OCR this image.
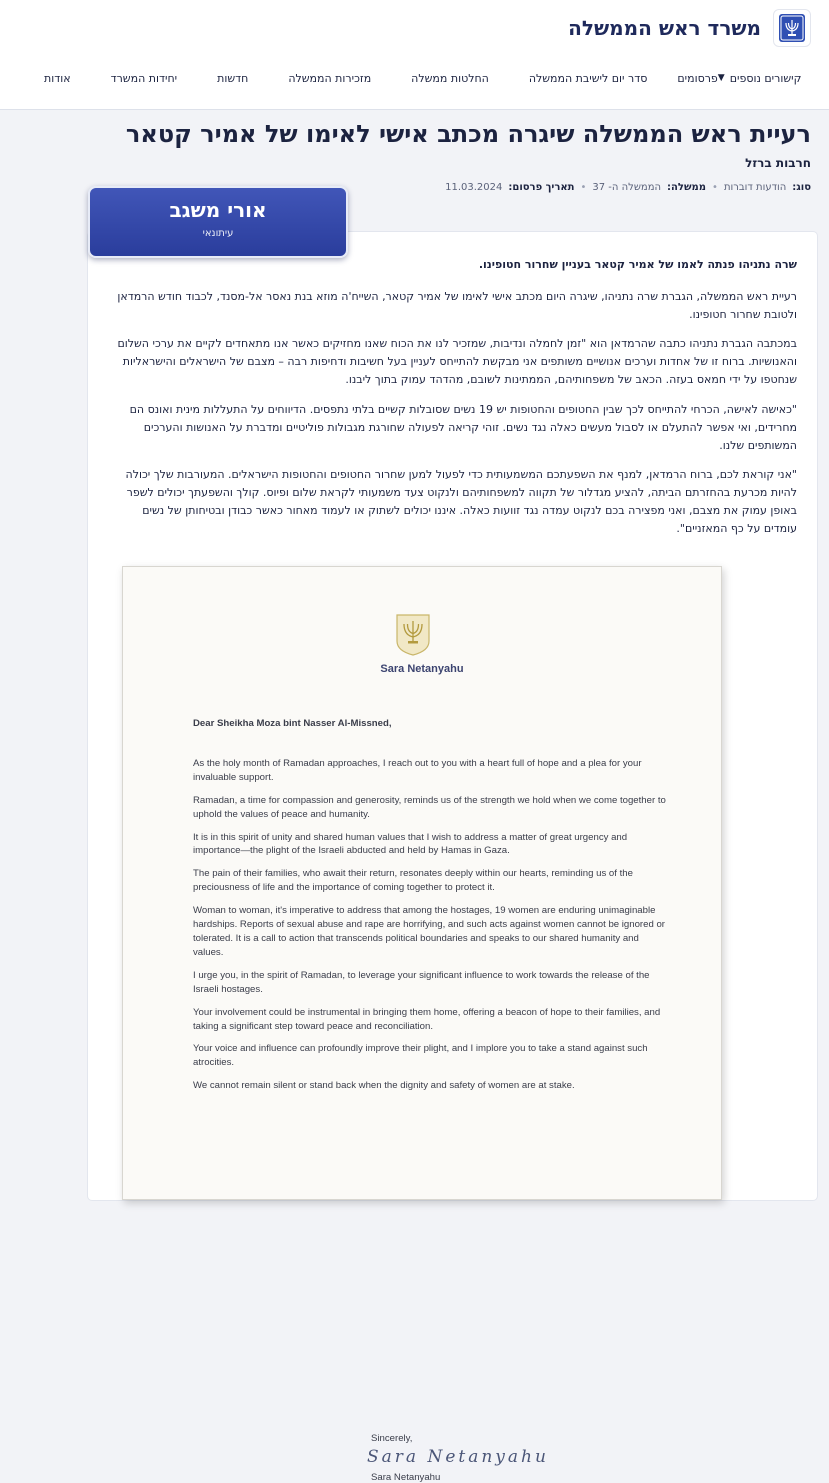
משרד ראש הממשלה
אודות	יחידות המשרד	חדשות	מזכירות הממשלה	החלטות ממשלה	סדר יום לישיבת הממשלה	פרסומים קישורים נוספים
▼
רעיית ראש הממשלה שיגרה מכתב אישי לאימו של אמיר קטאר
חרבות ברזל
סוג:
הודעות דוברות
•
ממשלה:
הממשלה ה- 37
•
תאריך פרסום:
11.03.2024

שרה נתניהו פנתה לאמו של אמיר קטאר בעניין שחרור חטופינו.

רעיית ראש הממשלה, הגברת שרה נתניהו, שיגרה היום מכתב אישי לאימו של אמיר קטאר, השייח'ה מוזא בנת נאסר אל-מסנד, לכבוד חודש הרמדאן ולטובת שחרור חטופינו.

במכתבה הגברת נתניהו כתבה שהרמדאן הוא "זמן לחמלה ונדיבות, שמזכיר לנו את הכוח שאנו מחזיקים כאשר אנו מתאחדים לקיים את ערכי השלום והאנושיות. ברוח זו של אחדות וערכים אנושיים משותפים אני מבקשת להתייחס לעניין בעל חשיבות ודחיפות רבה – מצבם של הישראלים והישראליות שנחטפו על ידי חמאס בעזה. הכאב של משפחותיהם, הממתינות לשובם, מהדהד עמוק בתוך ליבנו.

"כאישה לאישה, הכרחי להתייחס לכך שבין החטופים והחטופות יש 19 נשים שסובלות קשיים בלתי נתפסים. הדיווחים על התעללות מינית ואונס הם מחרידים, ואי אפשר להתעלם או לסבול מעשים כאלה נגד נשים. זוהי קריאה לפעולה שחורגת מגבולות פוליטיים ומדברת על האנושות והערכים המשותפים שלנו.

"אני קוראת לכם, ברוח הרמדאן, למנף את השפעתכם המשמעותית כדי לפעול למען שחרור החטופים והחטופות הישראלים. המעורבות שלך יכולה להיות מכרעת בהחזרתם הביתה, להציע מגדלור של תקווה למשפחותיהם ולנקוט צעד משמעותי לקראת שלום ופיוס. קולך והשפעתך יכולים לשפר באופן עמוק את מצבם, ואני מפצירה בכם לנקוט עמדה נגד זוועות כאלה. איננו יכולים לשתוק או לעמוד מאחור כאשר כבודן ובטיחותן של נשים עומדים על כף המאזניים".

אורי משגב
עיתונאי
Sara Netanyahu
Dear Sheikha Moza bint Nasser Al-Missned,

As the holy month of Ramadan approaches, I reach out to you with a heart full of hope and a plea for your invaluable support.

Ramadan, a time for compassion and generosity, reminds us of the strength we hold when we come together to uphold the values of peace and humanity.

It is in this spirit of unity and shared human values that I wish to address a matter of great urgency and importance—the plight of the Israeli abducted and held by Hamas in Gaza.

The pain of their families, who await their return, resonates deeply within our hearts, reminding us of the preciousness of life and the importance of coming together to protect it.

Woman to woman, it's imperative to address that among the hostages, 19 women are enduring unimaginable hardships. Reports of sexual abuse and rape are horrifying, and such acts against women cannot be ignored or tolerated. It is a call to action that transcends political boundaries and speaks to our shared humanity and values.

I urge you, in the spirit of Ramadan, to leverage your significant influence to work towards the release of the Israeli hostages.

Your involvement could be instrumental in bringing them home, offering a beacon of hope to their families, and taking a significant step toward peace and reconciliation.

Your voice and influence can profoundly improve their plight, and I implore you to take a stand against such atrocities.

We cannot remain silent or stand back when the dignity and safety of women are at stake.

Sincerely,
Sara Netanyahu
Sara Netanyahu
